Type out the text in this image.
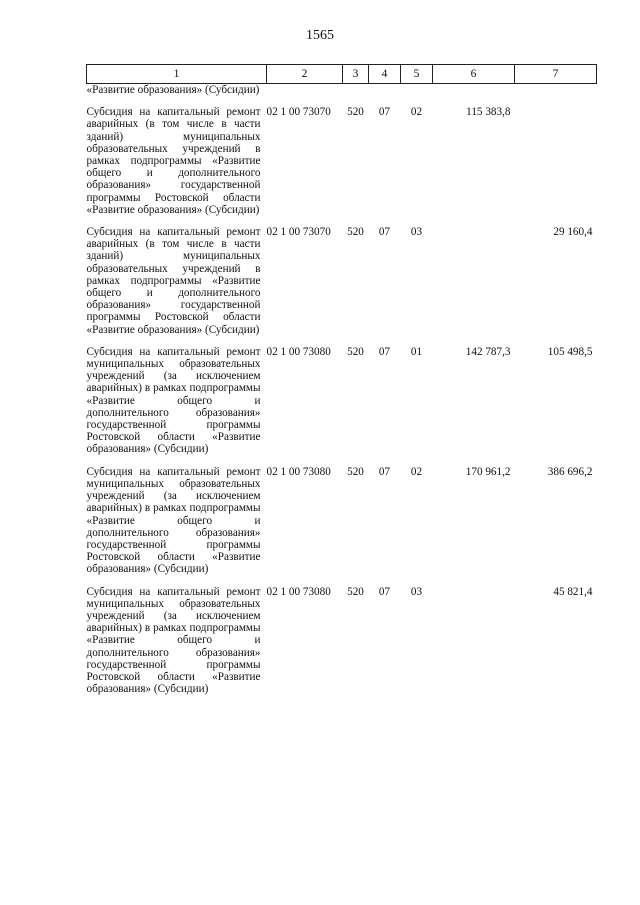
1565
1	2	3	4	5	6	7
«Развитие образования» (Субсидии)						
Субсидия на капитальный ремонт аварийных (в том числе в части зданий) муниципальных образовательных учреждений в рамках подпрограммы «Развитие общего и дополнительного образования» государственной программы Ростовской области «Развитие образования» (Субсидии)	02 1 00 73070	520	07	02	115 383,8	
Субсидия на капитальный ремонт аварийных (в том числе в части зданий) муниципальных образовательных учреждений в рамках подпрограммы «Развитие общего и дополнительного образования» государственной программы Ростовской области «Развитие образования» (Субсидии)	02 1 00 73070	520	07	03		29 160,4
Субсидия на капитальный ремонт муниципальных образовательных учреждений (за исключением аварийных) в рамках подпрограммы «Развитие общего и дополнительного образования» государственной программы Ростовской области «Развитие образования» (Субсидии)	02 1 00 73080	520	07	01	142 787,3	105 498,5
Субсидия на капитальный ремонт муниципальных образовательных учреждений (за исключением аварийных) в рамках подпрограммы «Развитие общего и дополнительного образования» государственной программы Ростовской области «Развитие образования» (Субсидии)	02 1 00 73080	520	07	02	170 961,2	386 696,2
Субсидия на капитальный ремонт муниципальных образовательных учреждений (за исключением аварийных) в рамках подпрограммы «Развитие общего и дополнительного образования» государственной программы Ростовской области «Развитие образования» (Субсидии)	02 1 00 73080	520	07	03		45 821,4
